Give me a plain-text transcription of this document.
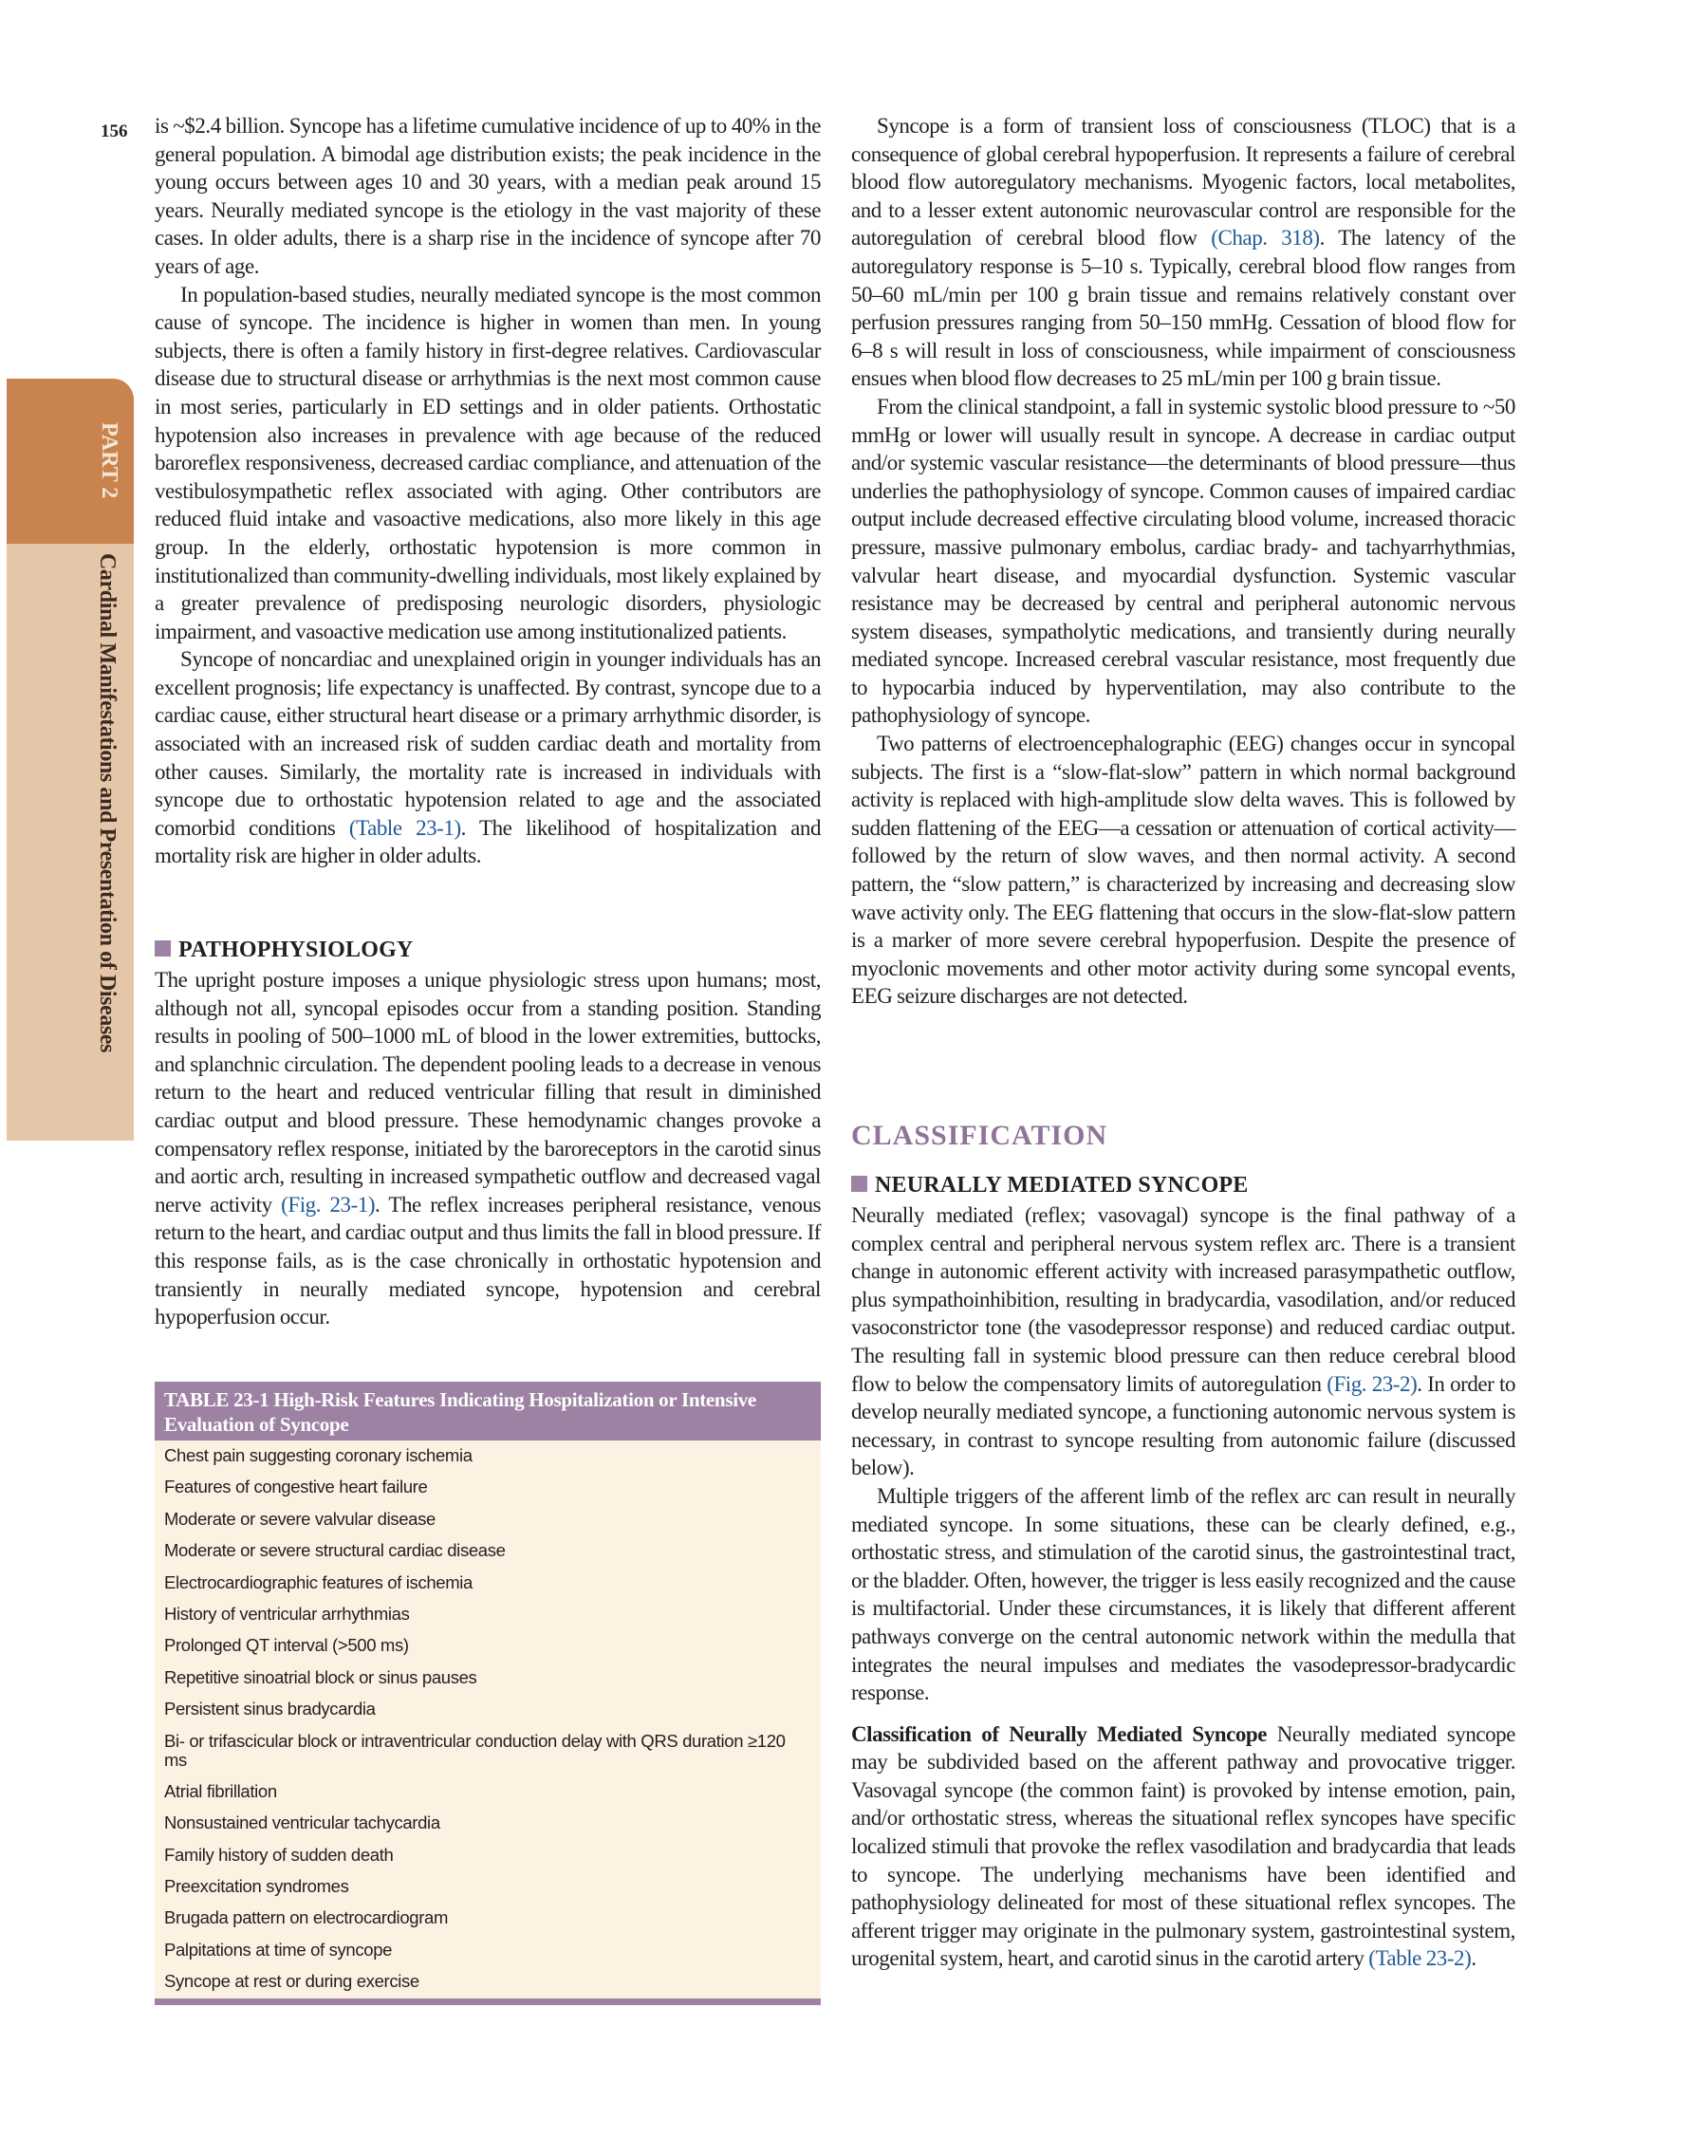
156
PART 2
Cardinal Manifestations and Presentation of Diseases

is ~$2.4 billion. Syncope has a lifetime cumulative incidence of up to 40% in the general population. A bimodal age distribution exists; the peak incidence in the young occurs between ages 10 and 30 years, with a median peak around 15 years. Neurally mediated syncope is the etiology in the vast majority of these cases. In older adults, there is a sharp rise in the incidence of syncope after 70 years of age.

In population-based studies, neurally mediated syncope is the most common cause of syncope. The incidence is higher in women than men. In young subjects, there is often a family history in first-degree relatives. Cardiovascular disease due to structural disease or arrhythmias is the next most common cause in most series, particularly in ED settings and in older patients. Orthostatic hypotension also increases in prevalence with age because of the reduced baroreflex responsiveness, decreased cardiac compliance, and attenuation of the vestibulosympathetic reflex associated with aging. Other contributors are reduced fluid intake and vasoactive medications, also more likely in this age group. In the elderly, orthostatic hypotension is more common in institutionalized than community-dwelling individuals, most likely explained by a greater prevalence of predisposing neurologic disorders, physiologic impairment, and vasoactive medication use among institutionalized patients.

Syncope of noncardiac and unexplained origin in younger individuals has an excellent prognosis; life expectancy is unaffected. By contrast, syncope due to a cardiac cause, either structural heart disease or a primary arrhythmic disorder, is associated with an increased risk of sudden cardiac death and mortality from other causes. Similarly, the mortality rate is increased in individuals with syncope due to orthostatic hypotension related to age and the associated comorbid conditions (Table 23-1). The likelihood of hospitalization and mortality risk are higher in older adults.

PATHOPHYSIOLOGY

The upright posture imposes a unique physiologic stress upon humans; most, although not all, syncopal episodes occur from a standing position. Standing results in pooling of 500–1000 mL of blood in the lower extremities, buttocks, and splanchnic circulation. The dependent pooling leads to a decrease in venous return to the heart and reduced ventricular filling that result in diminished cardiac output and blood pressure. These hemodynamic changes provoke a compensatory reflex response, initiated by the baroreceptors in the carotid sinus and aortic arch, resulting in increased sympathetic outflow and decreased vagal nerve activity (Fig. 23-1). The reflex increases peripheral resistance, venous return to the heart, and cardiac output and thus limits the fall in blood pressure. If this response fails, as is the case chronically in orthostatic hypotension and transiently in neurally mediated syncope, hypotension and cerebral hypoperfusion occur.

TABLE 23-1 High-Risk Features Indicating Hospitalization or Intensive Evaluation of Syncope
Chest pain suggesting coronary ischemia
Features of congestive heart failure
Moderate or severe valvular disease
Moderate or severe structural cardiac disease
Electrocardiographic features of ischemia
History of ventricular arrhythmias
Prolonged QT interval (>500 ms)
Repetitive sinoatrial block or sinus pauses
Persistent sinus bradycardia
Bi- or trifascicular block or intraventricular conduction delay with QRS duration ≥120 ms
Atrial fibrillation
Nonsustained ventricular tachycardia
Family history of sudden death
Preexcitation syndromes
Brugada pattern on electrocardiogram
Palpitations at time of syncope
Syncope at rest or during exercise

Syncope is a form of transient loss of consciousness (TLOC) that is a consequence of global cerebral hypoperfusion. It represents a failure of cerebral blood flow autoregulatory mechanisms. Myogenic factors, local metabolites, and to a lesser extent autonomic neurovascular control are responsible for the autoregulation of cerebral blood flow (Chap. 318). The latency of the autoregulatory response is 5–10 s. Typically, cerebral blood flow ranges from 50–60 mL/min per 100 g brain tissue and remains relatively constant over perfusion pressures ranging from 50–150 mmHg. Cessation of blood flow for 6–8 s will result in loss of consciousness, while impairment of consciousness ensues when blood flow decreases to 25 mL/min per 100 g brain tissue.

From the clinical standpoint, a fall in systemic systolic blood pressure to ~50 mmHg or lower will usually result in syncope. A decrease in cardiac output and/or systemic vascular resistance—the determinants of blood pressure—thus underlies the pathophysiology of syncope. Common causes of impaired cardiac output include decreased effective circulating blood volume, increased thoracic pressure, massive pulmonary embolus, cardiac brady- and tachyarrhythmias, valvular heart disease, and myocardial dysfunction. Systemic vascular resistance may be decreased by central and peripheral autonomic nervous system diseases, sympatholytic medications, and transiently during neurally mediated syncope. Increased cerebral vascular resistance, most frequently due to hypocarbia induced by hyperventilation, may also contribute to the pathophysiology of syncope.

Two patterns of electroencephalographic (EEG) changes occur in syncopal subjects. The first is a “slow-flat-slow” pattern in which normal background activity is replaced with high-amplitude slow delta waves. This is followed by sudden flattening of the EEG—a cessation or attenuation of cortical activity—followed by the return of slow waves, and then normal activity. A second pattern, the “slow pattern,” is characterized by increasing and decreasing slow wave activity only. The EEG flattening that occurs in the slow-flat-slow pattern is a marker of more severe cerebral hypoperfusion. Despite the presence of myoclonic movements and other motor activity during some syncopal events, EEG seizure discharges are not detected.

CLASSIFICATION
NEURALLY MEDIATED SYNCOPE

Neurally mediated (reflex; vasovagal) syncope is the final pathway of a complex central and peripheral nervous system reflex arc. There is a transient change in autonomic efferent activity with increased parasympathetic outflow, plus sympathoinhibition, resulting in bradycardia, vasodilation, and/or reduced vasoconstrictor tone (the vasodepressor response) and reduced cardiac output. The resulting fall in systemic blood pressure can then reduce cerebral blood flow to below the compensatory limits of autoregulation (Fig. 23-2). In order to develop neurally mediated syncope, a functioning autonomic nervous system is necessary, in contrast to syncope resulting from autonomic failure (discussed below).

Multiple triggers of the afferent limb of the reflex arc can result in neurally mediated syncope. In some situations, these can be clearly defined, e.g., orthostatic stress, and stimulation of the carotid sinus, the gastrointestinal tract, or the bladder. Often, however, the trigger is less easily recognized and the cause is multifactorial. Under these circumstances, it is likely that different afferent pathways converge on the central autonomic network within the medulla that integrates the neural impulses and mediates the vasodepressor-bradycardic response.

Classification of Neurally Mediated Syncope Neurally mediated syncope may be subdivided based on the afferent pathway and provocative trigger. Vasovagal syncope (the common faint) is provoked by intense emotion, pain, and/or orthostatic stress, whereas the situational reflex syncopes have specific localized stimuli that provoke the reflex vasodilation and bradycardia that leads to syncope. The underlying mechanisms have been identified and pathophysiology delineated for most of these situational reflex syncopes. The afferent trigger may originate in the pulmonary system, gastrointestinal system, urogenital system, heart, and carotid sinus in the carotid artery (Table 23-2).
